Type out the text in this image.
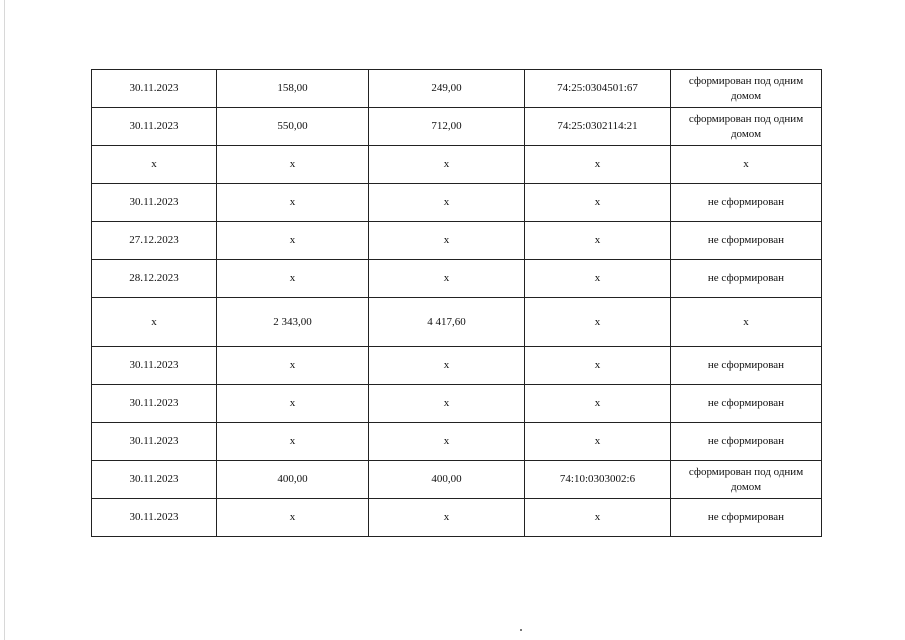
30.11.2023	158,00	249,00	74:25:0304501:67	сформирован под одним домом
30.11.2023	550,00	712,00	74:25:0302114:21	сформирован под одним домом
х	х	х	х	х
30.11.2023	х	х	х	не сформирован
27.12.2023	х	х	х	не сформирован
28.12.2023	х	х	х	не сформирован
х	2 343,00	4 417,60	х	х
30.11.2023	х	х	х	не сформирован
30.11.2023	х	х	х	не сформирован
30.11.2023	х	х	х	не сформирован
30.11.2023	400,00	400,00	74:10:0303002:6	сформирован под одним домом
30.11.2023	х	х	х	не сформирован
